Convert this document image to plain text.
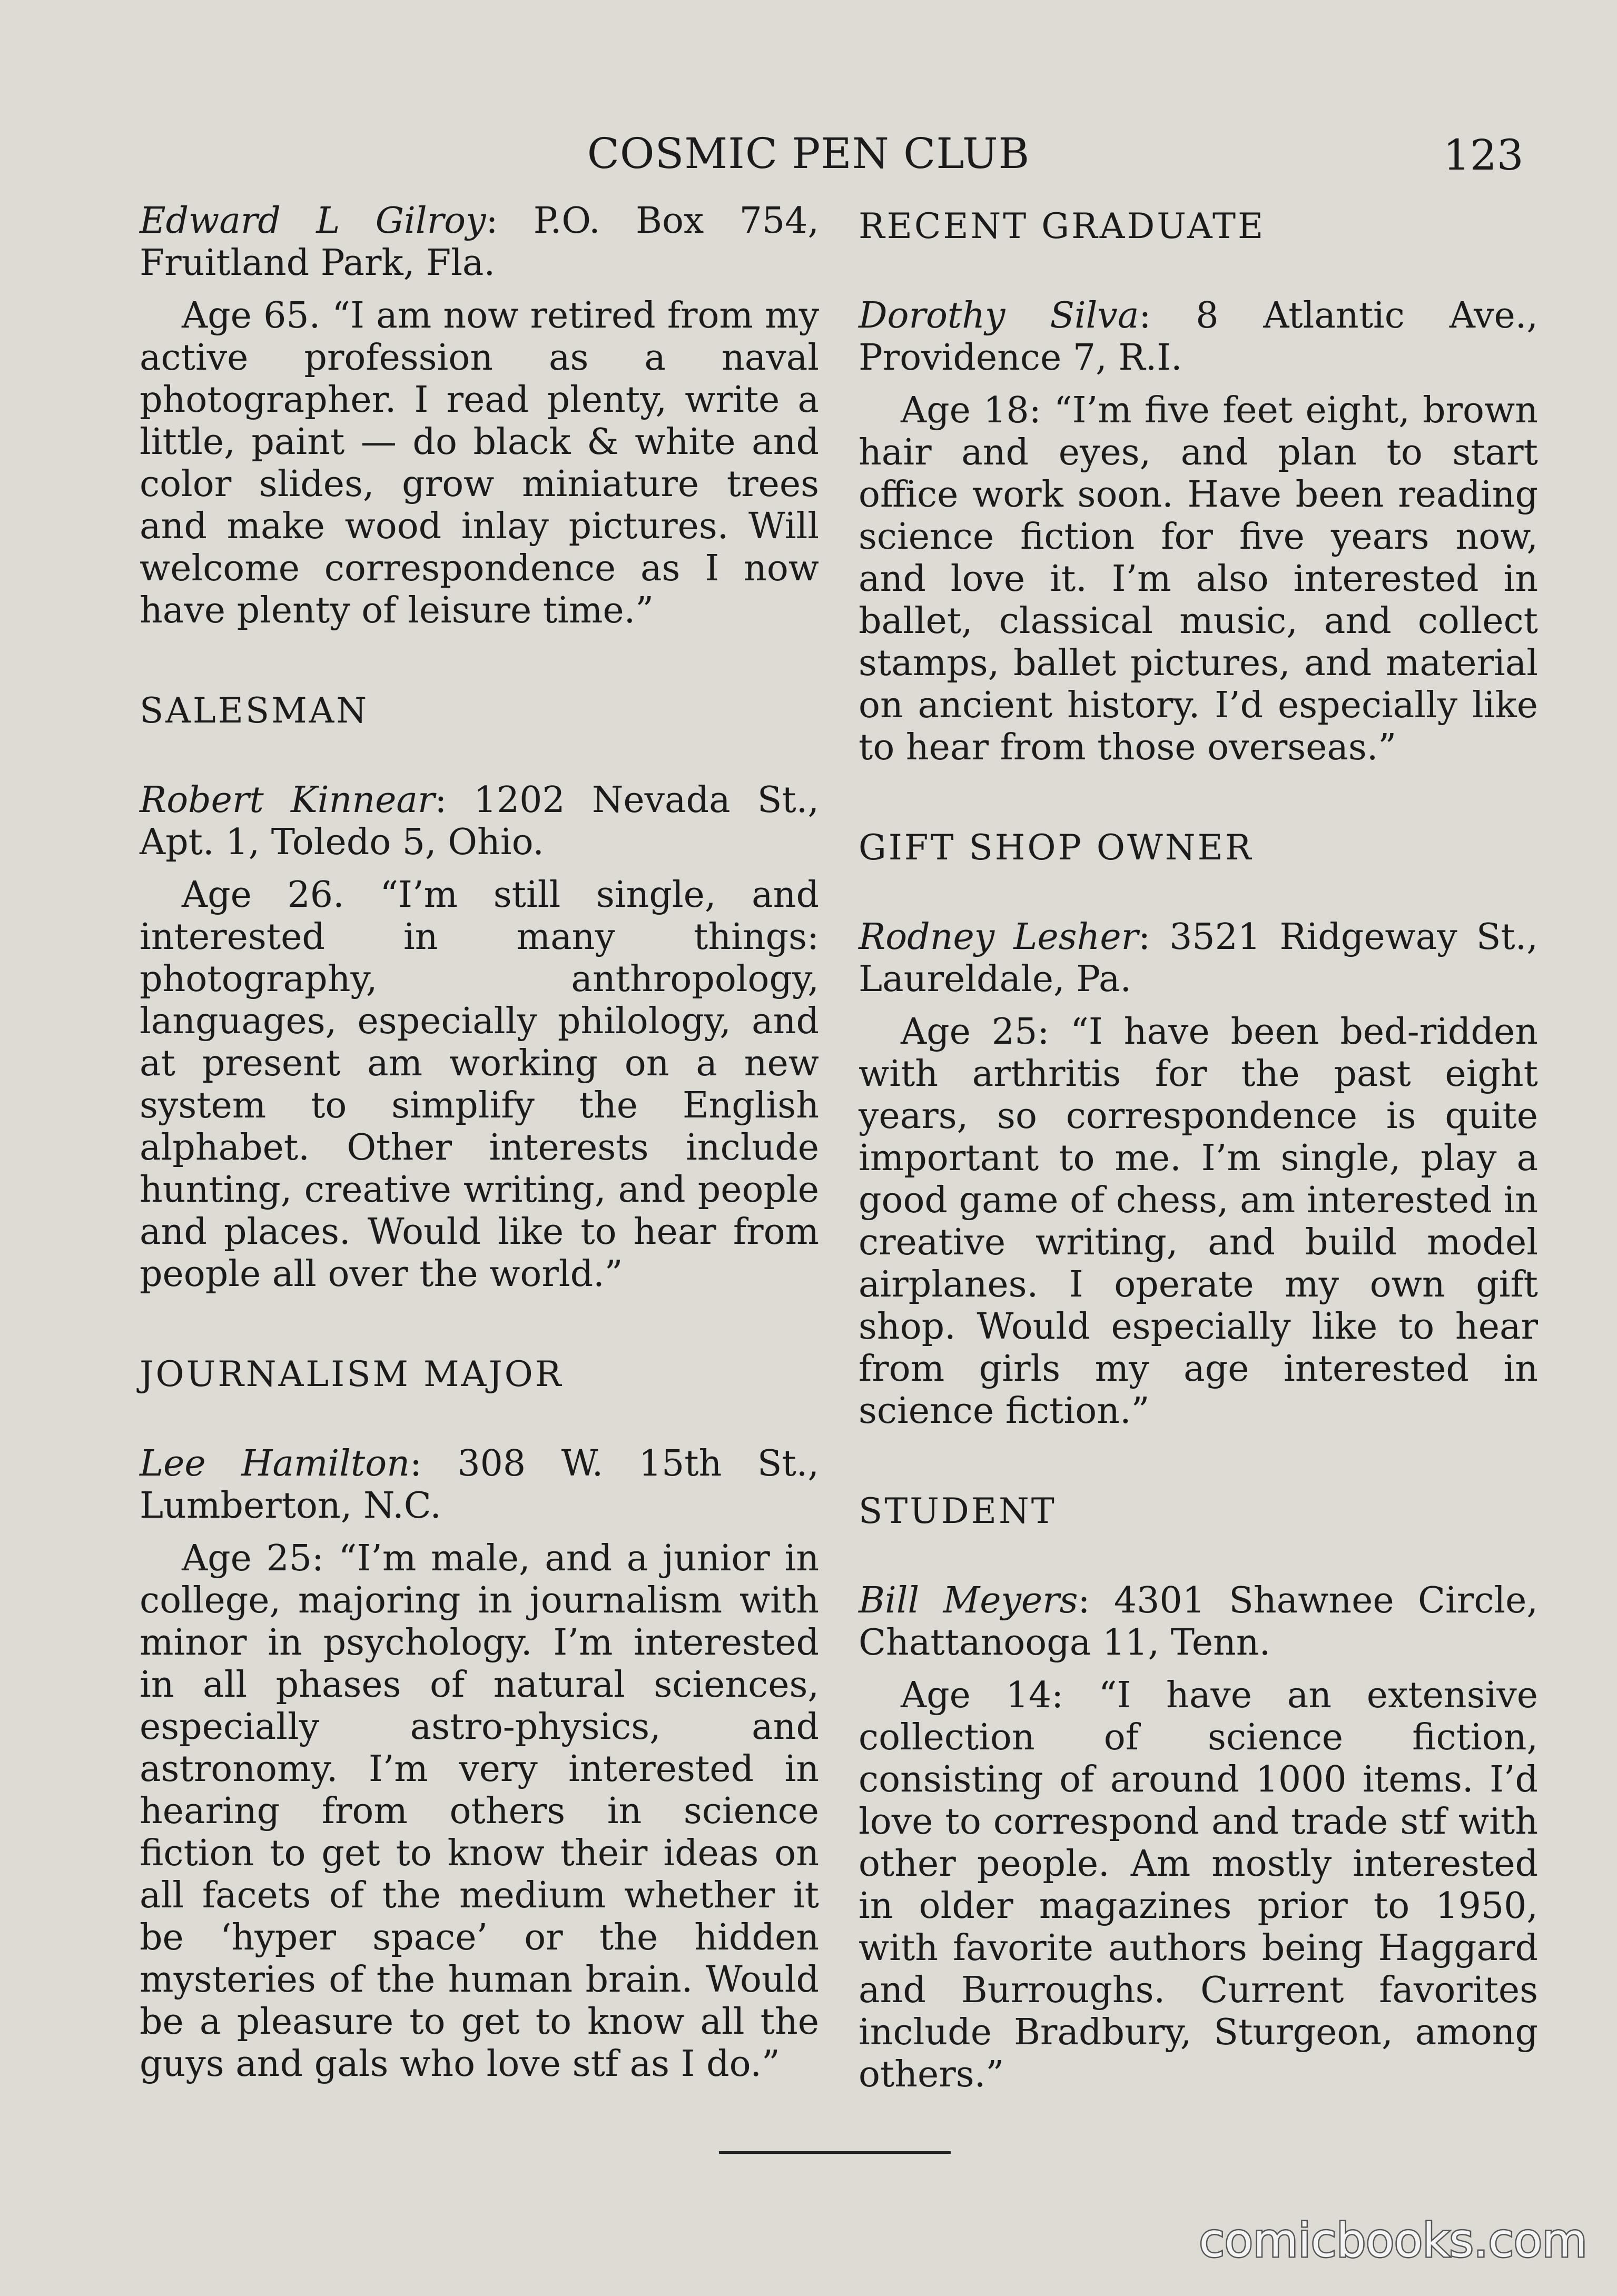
COSMIC PEN CLUB	123

Edward L Gilroy: P.O. Box 754, Fruitland Park, Fla.

Age 65. “I am now retired from my active profession as a naval photographer. I read plenty, write a little, paint — do black & white and color slides, grow miniature trees and make wood inlay pictures. Will welcome correspondence as I now have plenty of leisure time.”

SALESMAN

Robert Kinnear: 1202 Nevada St., Apt. 1, Toledo 5, Ohio.

Age 26. “I’m still single, and interested in many things: photography, anthropology, languages, especially philology, and at present am working on a new system to simplify the English alphabet. Other interests include hunting, creative writing, and people and places. Would like to hear from people all over the world.”

JOURNALISM MAJOR

Lee Hamilton: 308 W. 15th St., Lumberton, N.C.

Age 25: “I’m male, and a junior in college, majoring in journalism with minor in psychology. I’m interested in all phases of natural sciences, especially astro-physics, and astronomy. I’m very interested in hearing from others in science fiction to get to know their ideas on all facets of the medium whether it be ‘hyper space’ or the hidden mysteries of the human brain. Would be a pleasure to get to know all the guys and gals who love stf as I do.”

RECENT GRADUATE

Dorothy Silva: 8 Atlantic Ave., Providence 7, R.I.

Age 18: “I’m five feet eight, brown hair and eyes, and plan to start office work soon. Have been reading science fiction for five years now, and love it. I’m also interested in ballet, classical music, and collect stamps, ballet pictures, and material on ancient history. I’d especially like to hear from those overseas.”

GIFT SHOP OWNER

Rodney Lesher: 3521 Ridgeway St., Laureldale, Pa.

Age 25: “I have been bed-ridden with arthritis for the past eight years, so correspondence is quite important to me. I’m single, play a good game of chess, am interested in creative writing, and build model airplanes. I operate my own gift shop. Would especially like to hear from girls my age interested in science fiction.”

STUDENT

Bill Meyers: 4301 Shawnee Circle, Chattanooga 11, Tenn.

Age 14: “I have an extensive collection of science fiction, consisting of around 1000 items. I’d love to correspond and trade stf with other people. Am mostly interested in older magazines prior to 1950, with favorite authors being Haggard and Burroughs. Current favorites include Bradbury, Sturgeon, among others.”

comicbooks.com
